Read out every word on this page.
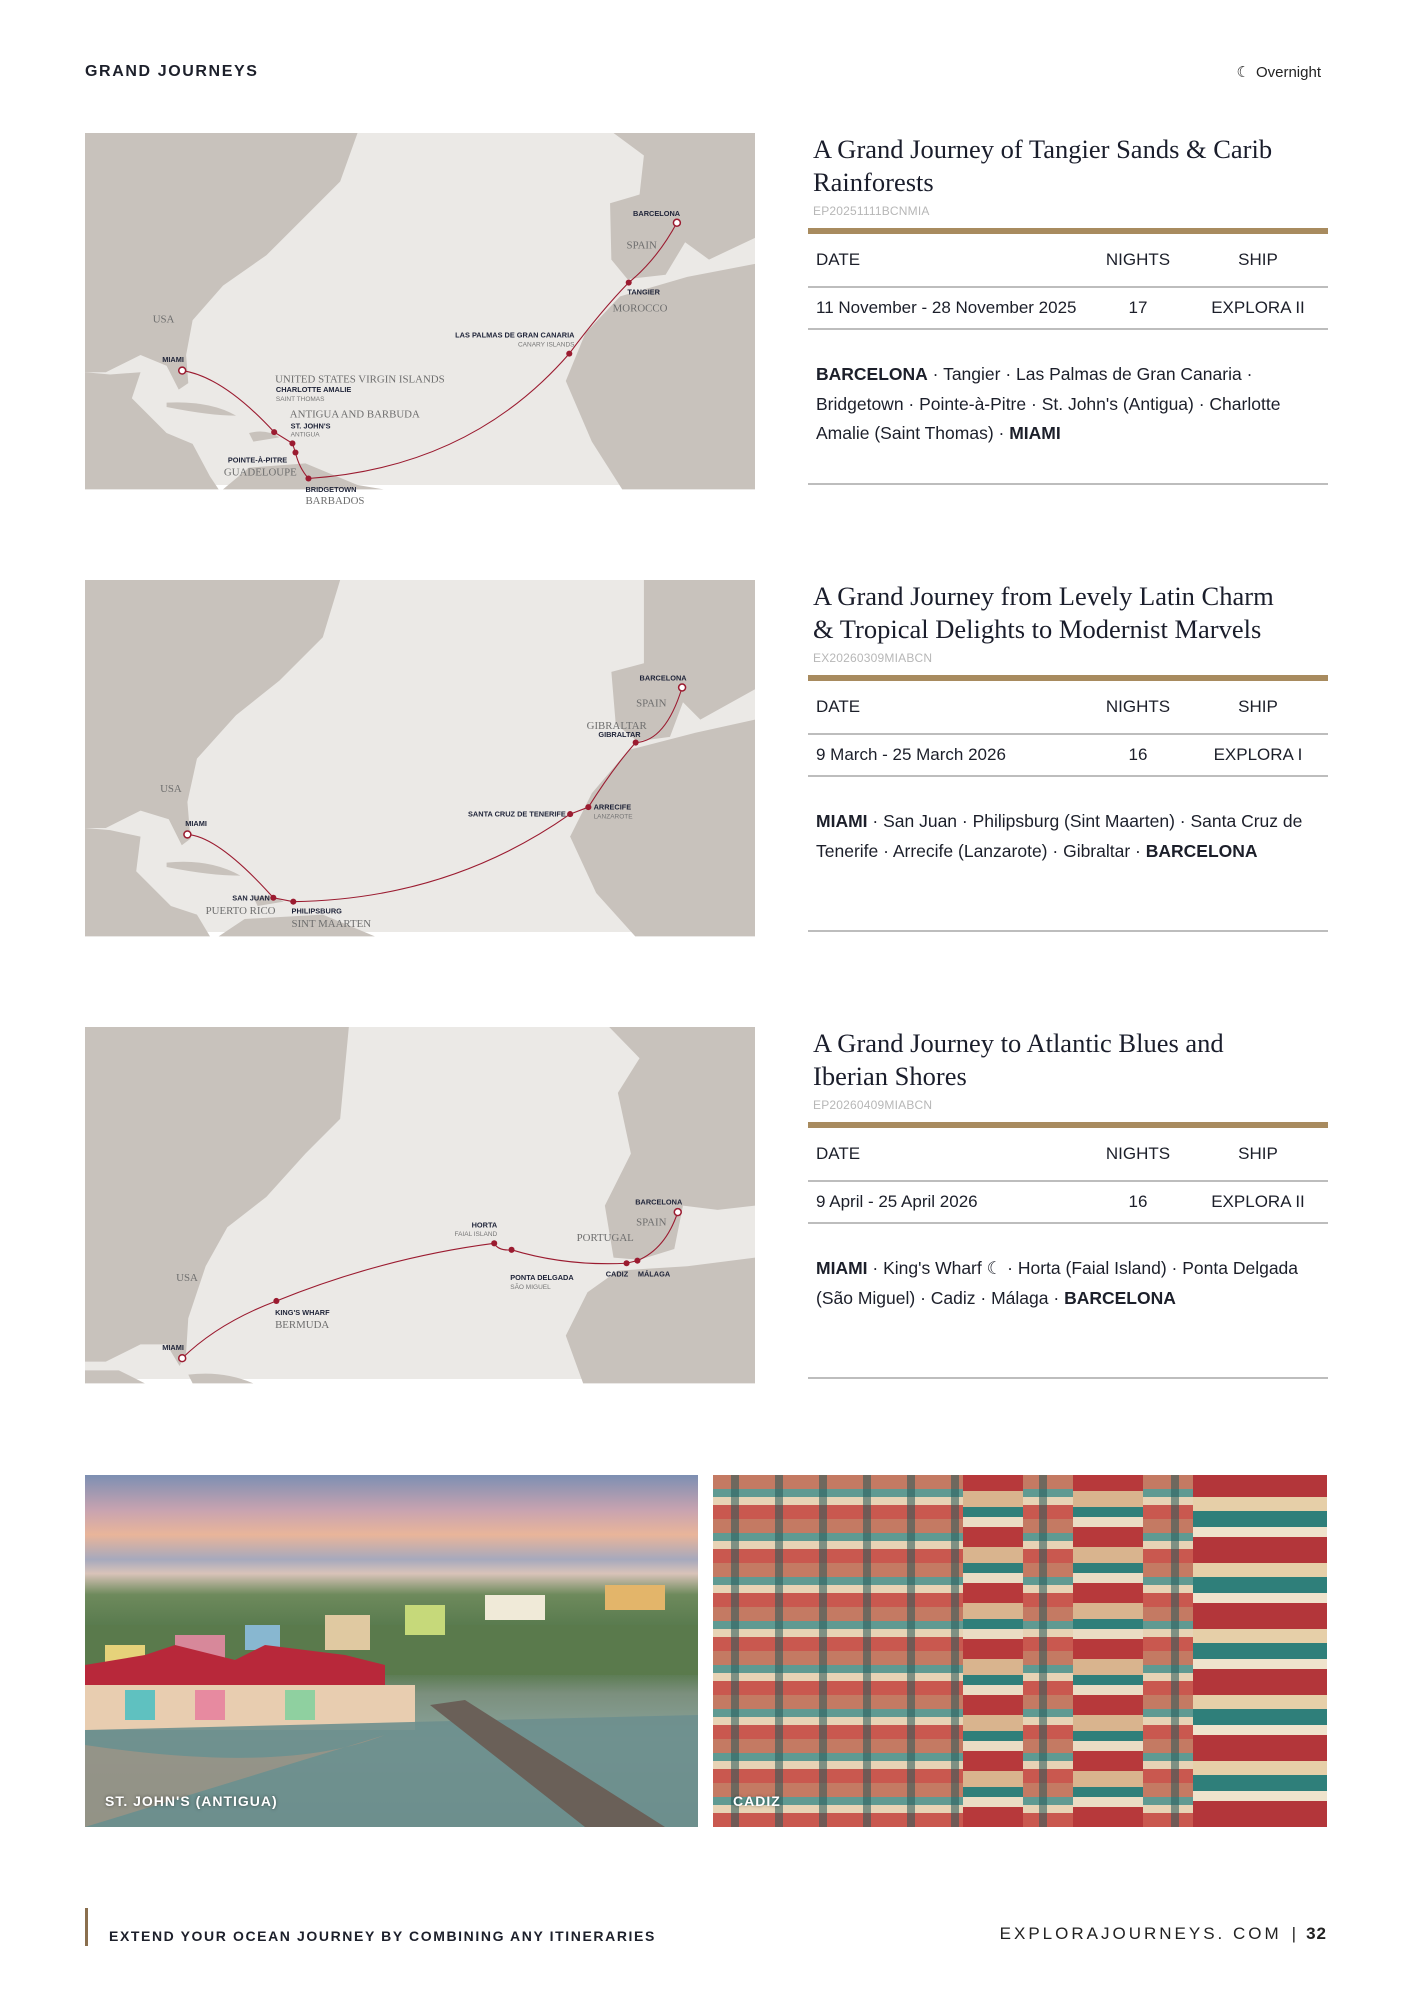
GRAND JOURNEYS	☾ Overnight
BARCELONA
SPAIN
TANGIER
MOROCCO
LAS PALMAS DE GRAN CANARIA
CANARY ISLANDS
USA
MIAMI
UNITED STATES VIRGIN ISLANDS
CHARLOTTE AMALIE
SAINT THOMAS
ANTIGUA AND BARBUDA
ST. JOHN'S
ANTIGUA
POINTE-À-PITRE
GUADELOUPE
BRIDGETOWN
BARBADOS
A Grand Journey of Tangier Sands & Carib Rainforests
EP20251111BCNMIA
DATE	NIGHTS	SHIP
11 November - 28 November 2025	17	EXPLORA II
BARCELONA · Tangier · Las Palmas de Gran Canaria · Bridgetown · Pointe-à-Pitre · St. John's (Antigua) · Charlotte Amalie (Saint Thomas) · MIAMI
BARCELONA
SPAIN
GIBRALTAR
GIBRALTAR
SANTA CRUZ DE TENERIFE
ARRECIFE
LANZAROTE
USA
MIAMI
SAN JUAN
PUERTO RICO PHILIPSBURG
SINT MAARTEN
A Grand Journey from Levely Latin Charm & Tropical Delights to Modernist Marvels
EX20260309MIABCN
DATE	NIGHTS	SHIP
9 March - 25 March 2026	16	EXPLORA I
MIAMI · San Juan · Philipsburg (Sint Maarten) · Santa Cruz de Tenerife · Arrecife (Lanzarote) · Gibraltar · BARCELONA
BARCELONA
SPAIN
PORTUGAL
HORTA
FAIAL ISLAND
PONTA DELGADA
SÃO MIGUEL
CADIZ MÁLAGA
USA
KING'S WHARF
BERMUDA
MIAMI
A Grand Journey to Atlantic Blues and Iberian Shores
EP20260409MIABCN
DATE	NIGHTS	SHIP
9 April - 25 April 2026	16	EXPLORA II
MIAMI · King's Wharf ☾ · Horta (Faial Island) · Ponta Delgada (São Miguel) · Cadiz · Málaga · BARCELONA
ST. JOHN'S (ANTIGUA)	CADIZ
EXTEND YOUR OCEAN JOURNEY BY COMBINING ANY ITINERARIES	EXPLORAJOURNEYS. COM | 32
